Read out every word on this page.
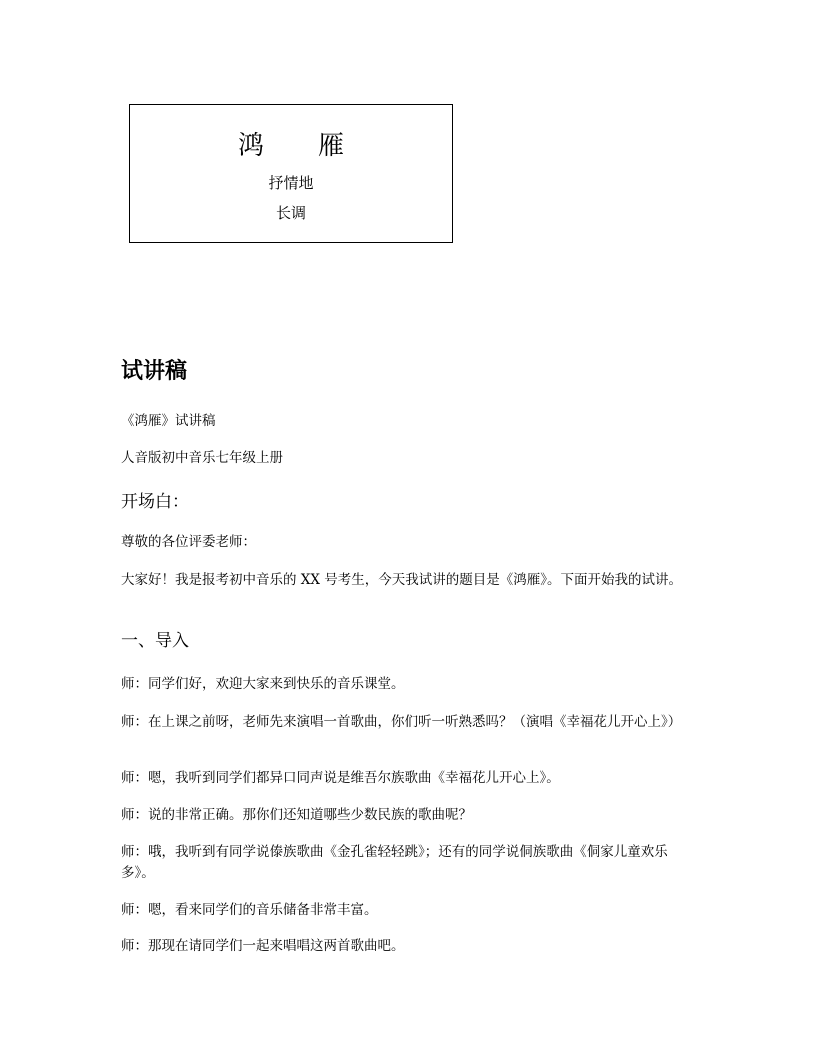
鸿　雁
抒情地
长调
试讲稿

《鸿雁》试讲稿

人音版初中音乐七年级上册

开场白：

尊敬的各位评委老师：

大家好！我是报考初中音乐的 XX 号考生，今天我试讲的题目是《鸿雁》。下面开始我的试讲。

一、导入

师：同学们好，欢迎大家来到快乐的音乐课堂。

师：在上课之前呀，老师先来演唱一首歌曲，你们听一听熟悉吗？（演唱《幸福花儿开心上》）

师：嗯，我听到同学们都异口同声说是维吾尔族歌曲《幸福花儿开心上》。

师：说的非常正确。那你们还知道哪些少数民族的歌曲呢？

师：哦，我听到有同学说傣族歌曲《金孔雀轻轻跳》；还有的同学说侗族歌曲《侗家儿童欢乐多》。

师：嗯，看来同学们的音乐储备非常丰富。

师：那现在请同学们一起来唱唱这两首歌曲吧。
